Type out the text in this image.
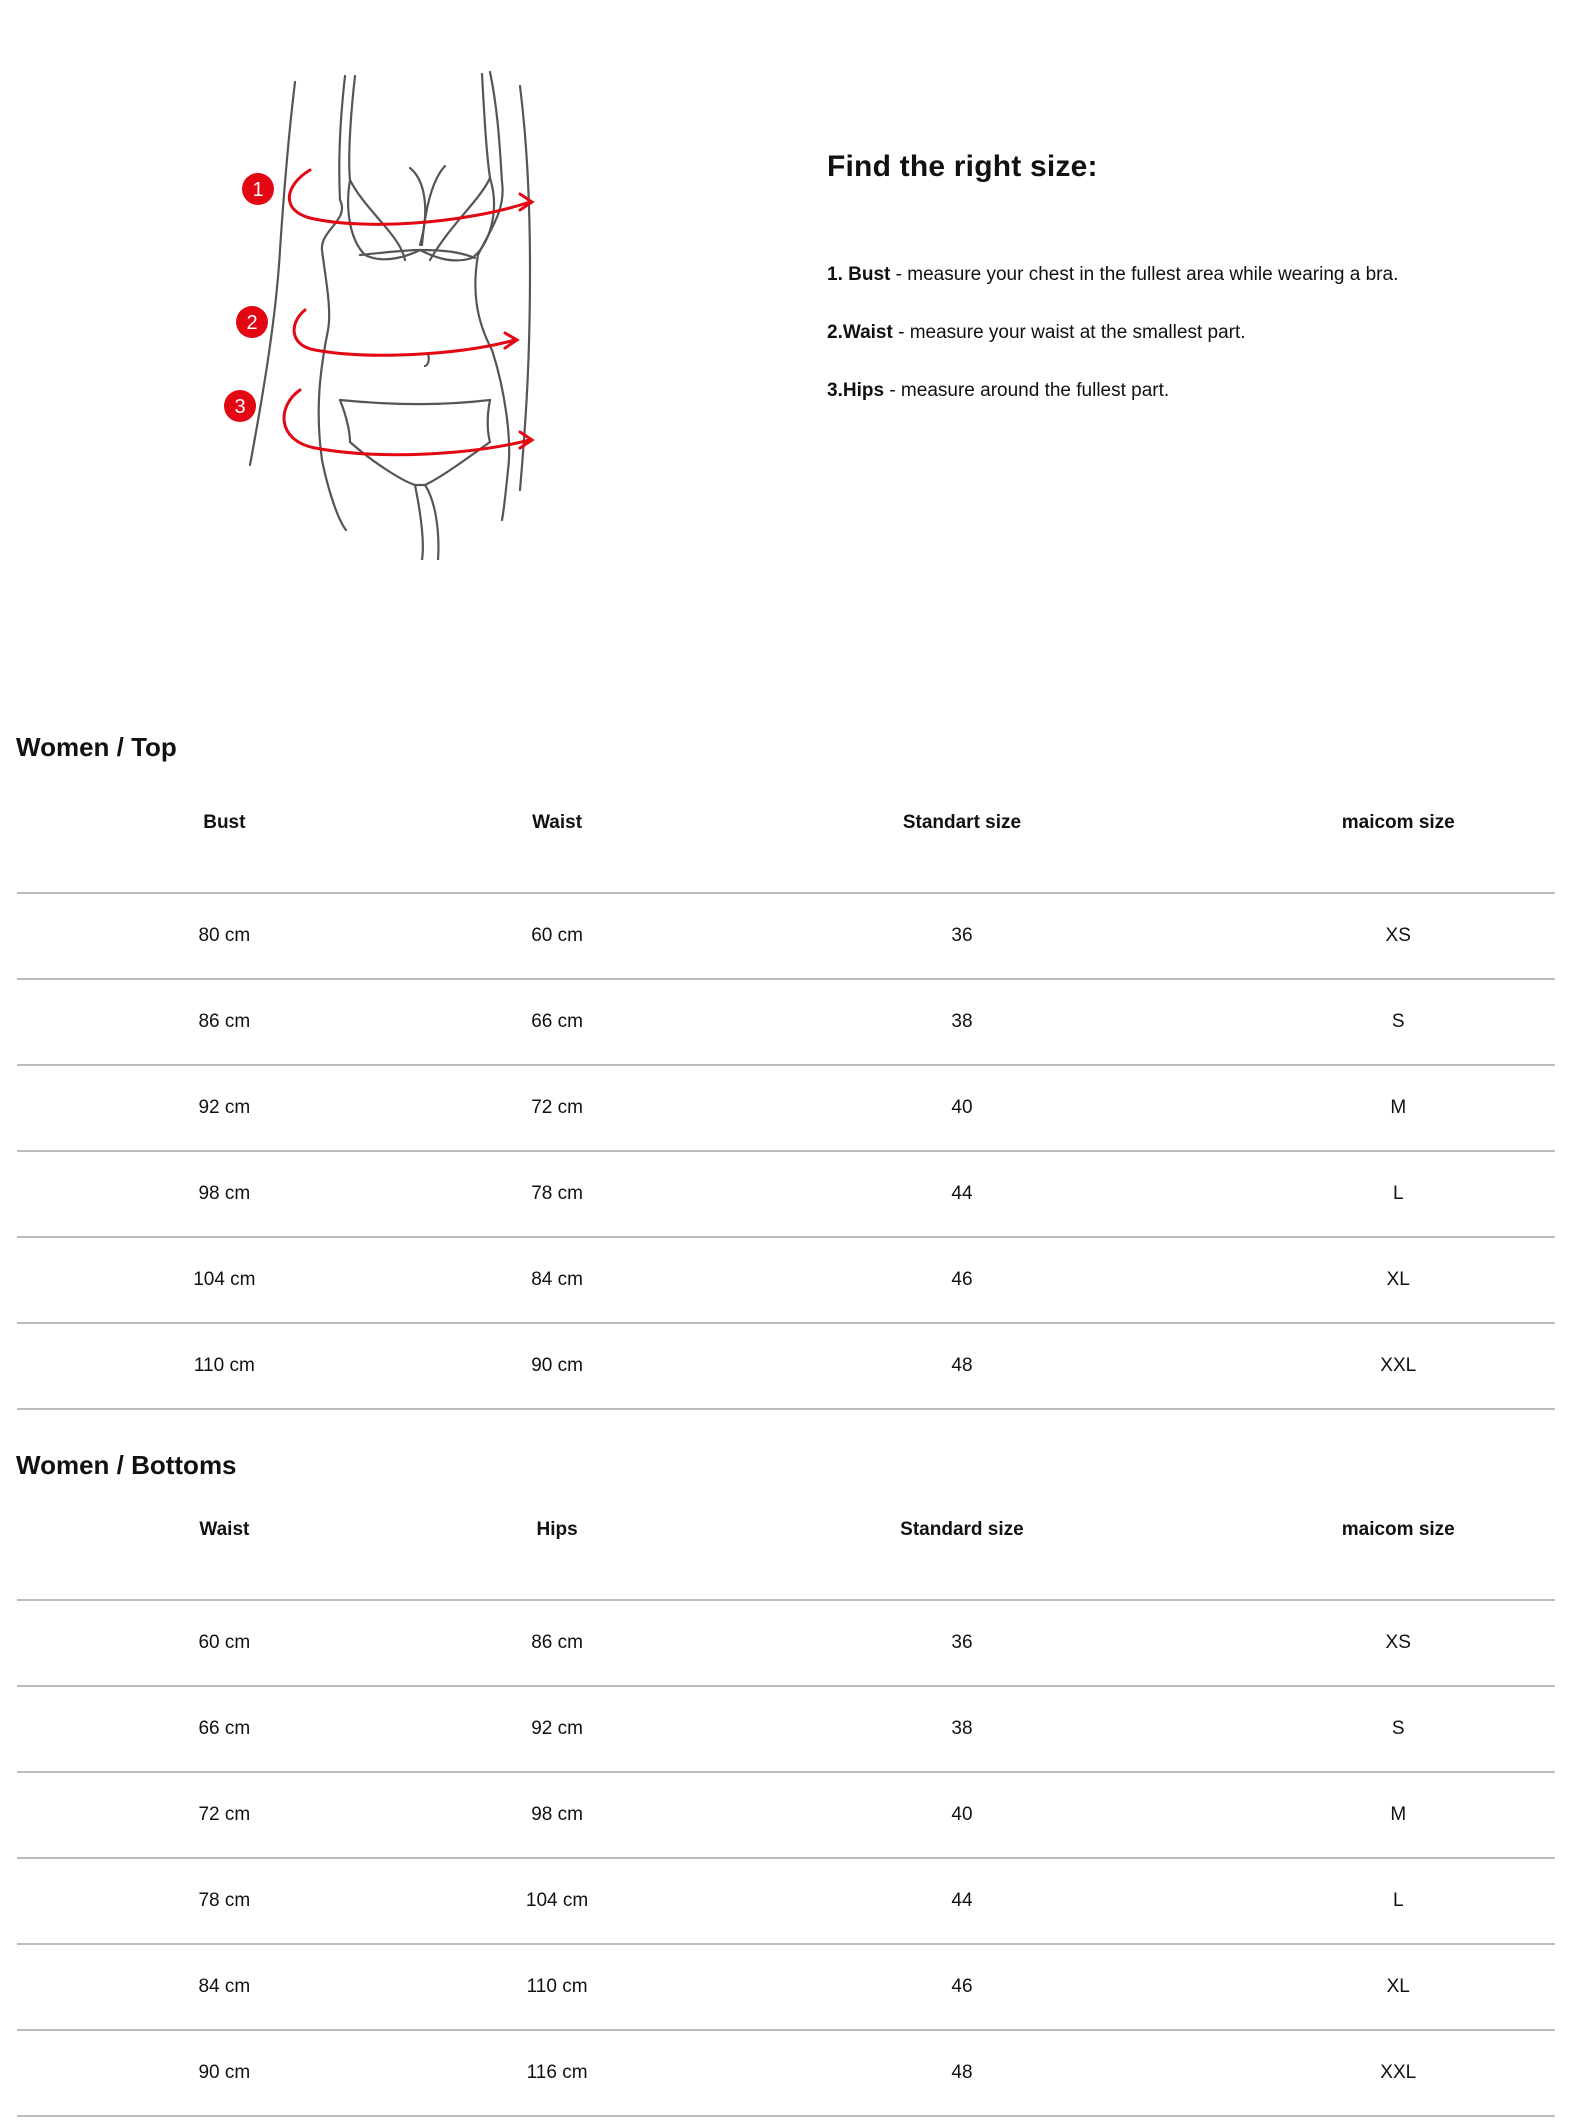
1
2
3
Find the right size:
1. Bust - measure your chest in the fullest area while wearing a bra.
2.Waist - measure your waist at the smallest part.
3.Hips - measure around the fullest part.
Women / Top
Bust	Waist	Standart size	maicom size
80 cm	60 cm	36	XS
86 cm	66 cm	38	S
92 cm	72 cm	40	M
98 cm	78 cm	44	L
104 cm	84 cm	46	XL
110 cm	90 cm	48	XXL
Women / Bottoms
Waist	Hips	Standard size	maicom size
60 cm	86 cm	36	XS
66 cm	92 cm	38	S
72 cm	98 cm	40	M
78 cm	104 cm	44	L
84 cm	110 cm	46	XL
90 cm	116 cm	48	XXL
